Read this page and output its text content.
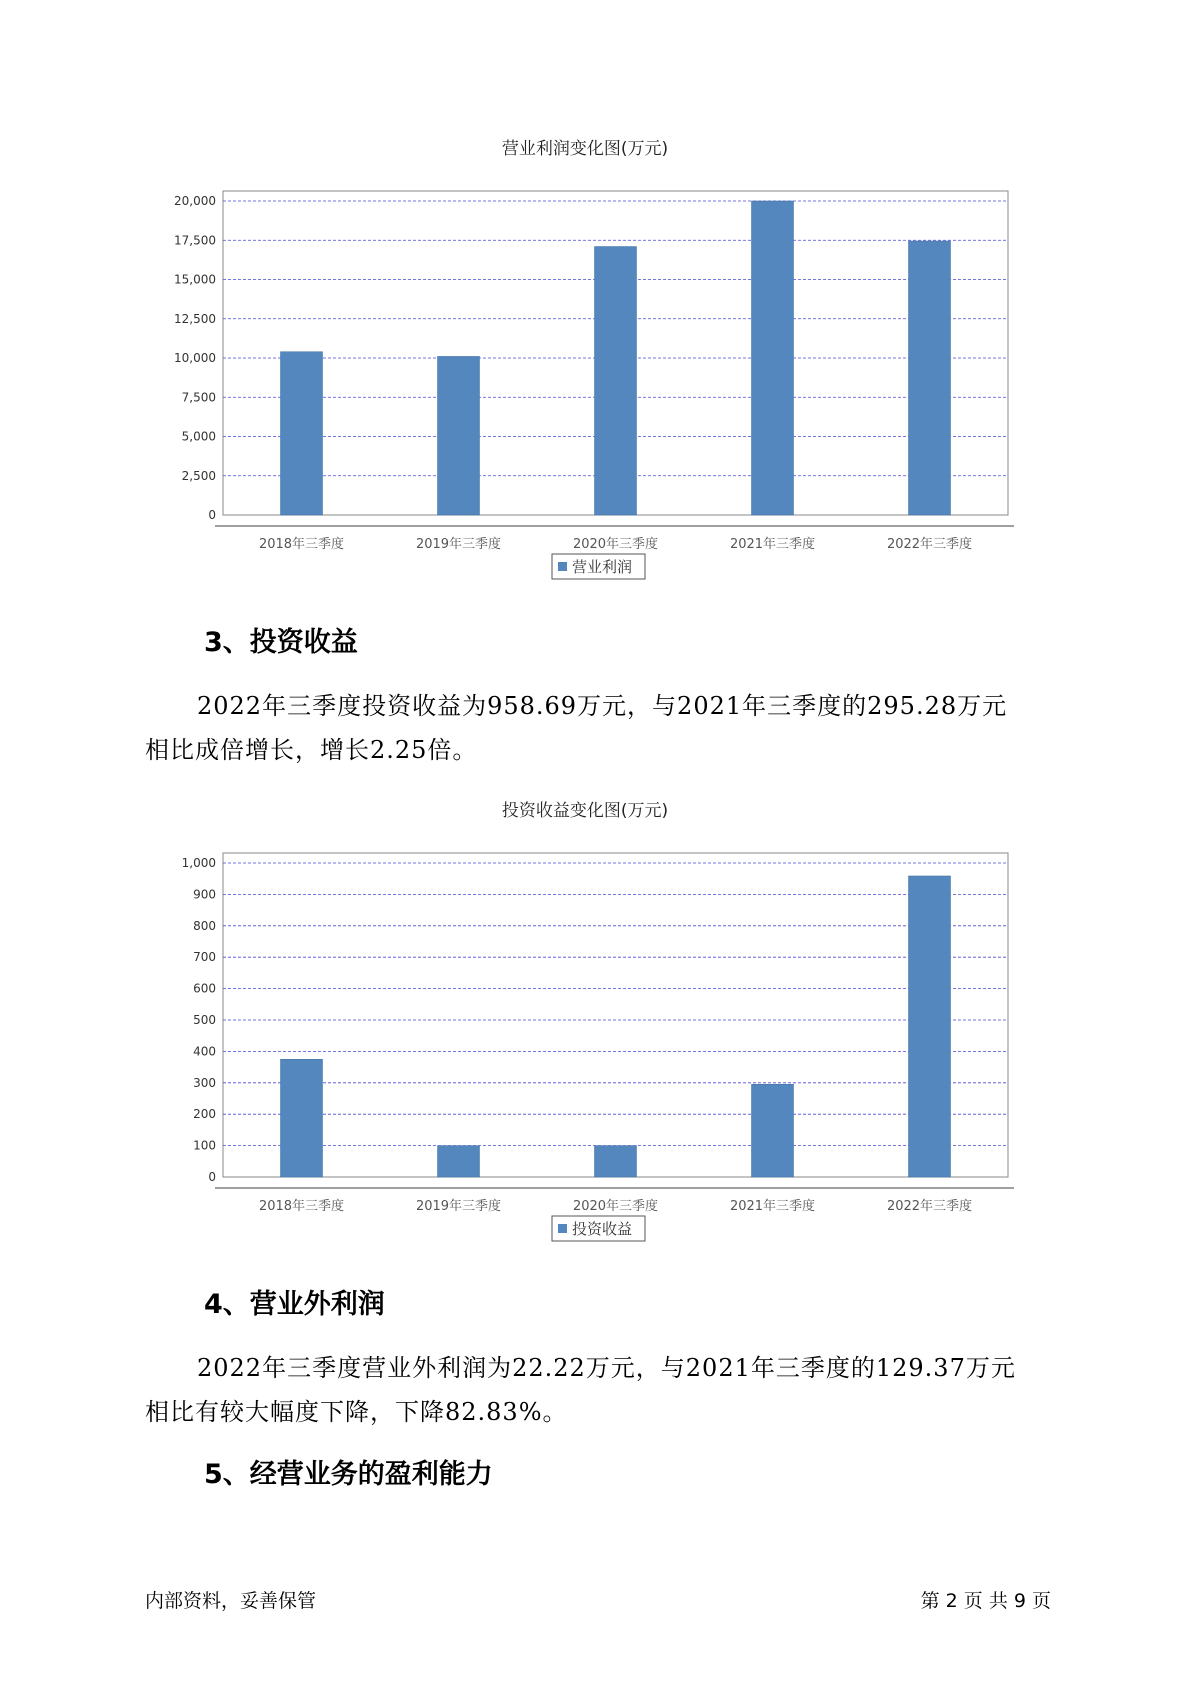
营业利润变化图(万元)
0
2,500
5,000
7,500
10,000
12,500
15,000
17,500
20,000
2018年三季度	2019年三季度	2020年三季度	2021年三季度	2022年三季度
营业利润
3、投资收益
2022年三季度投资收益为958.69万元，与2021年三季度的295.28万元
相比成倍增长，增长2.25倍。
投资收益变化图(万元)
0
100
200
300
400
500
600
700
800
900
1,000
2018年三季度	2019年三季度	2020年三季度	2021年三季度	2022年三季度
投资收益
4、营业外利润
2022年三季度营业外利润为22.22万元，与2021年三季度的129.37万元
相比有较大幅度下降，下降82.83%。
5、经营业务的盈利能力
内部资料，妥善保管	第 2 页 共 9 页
